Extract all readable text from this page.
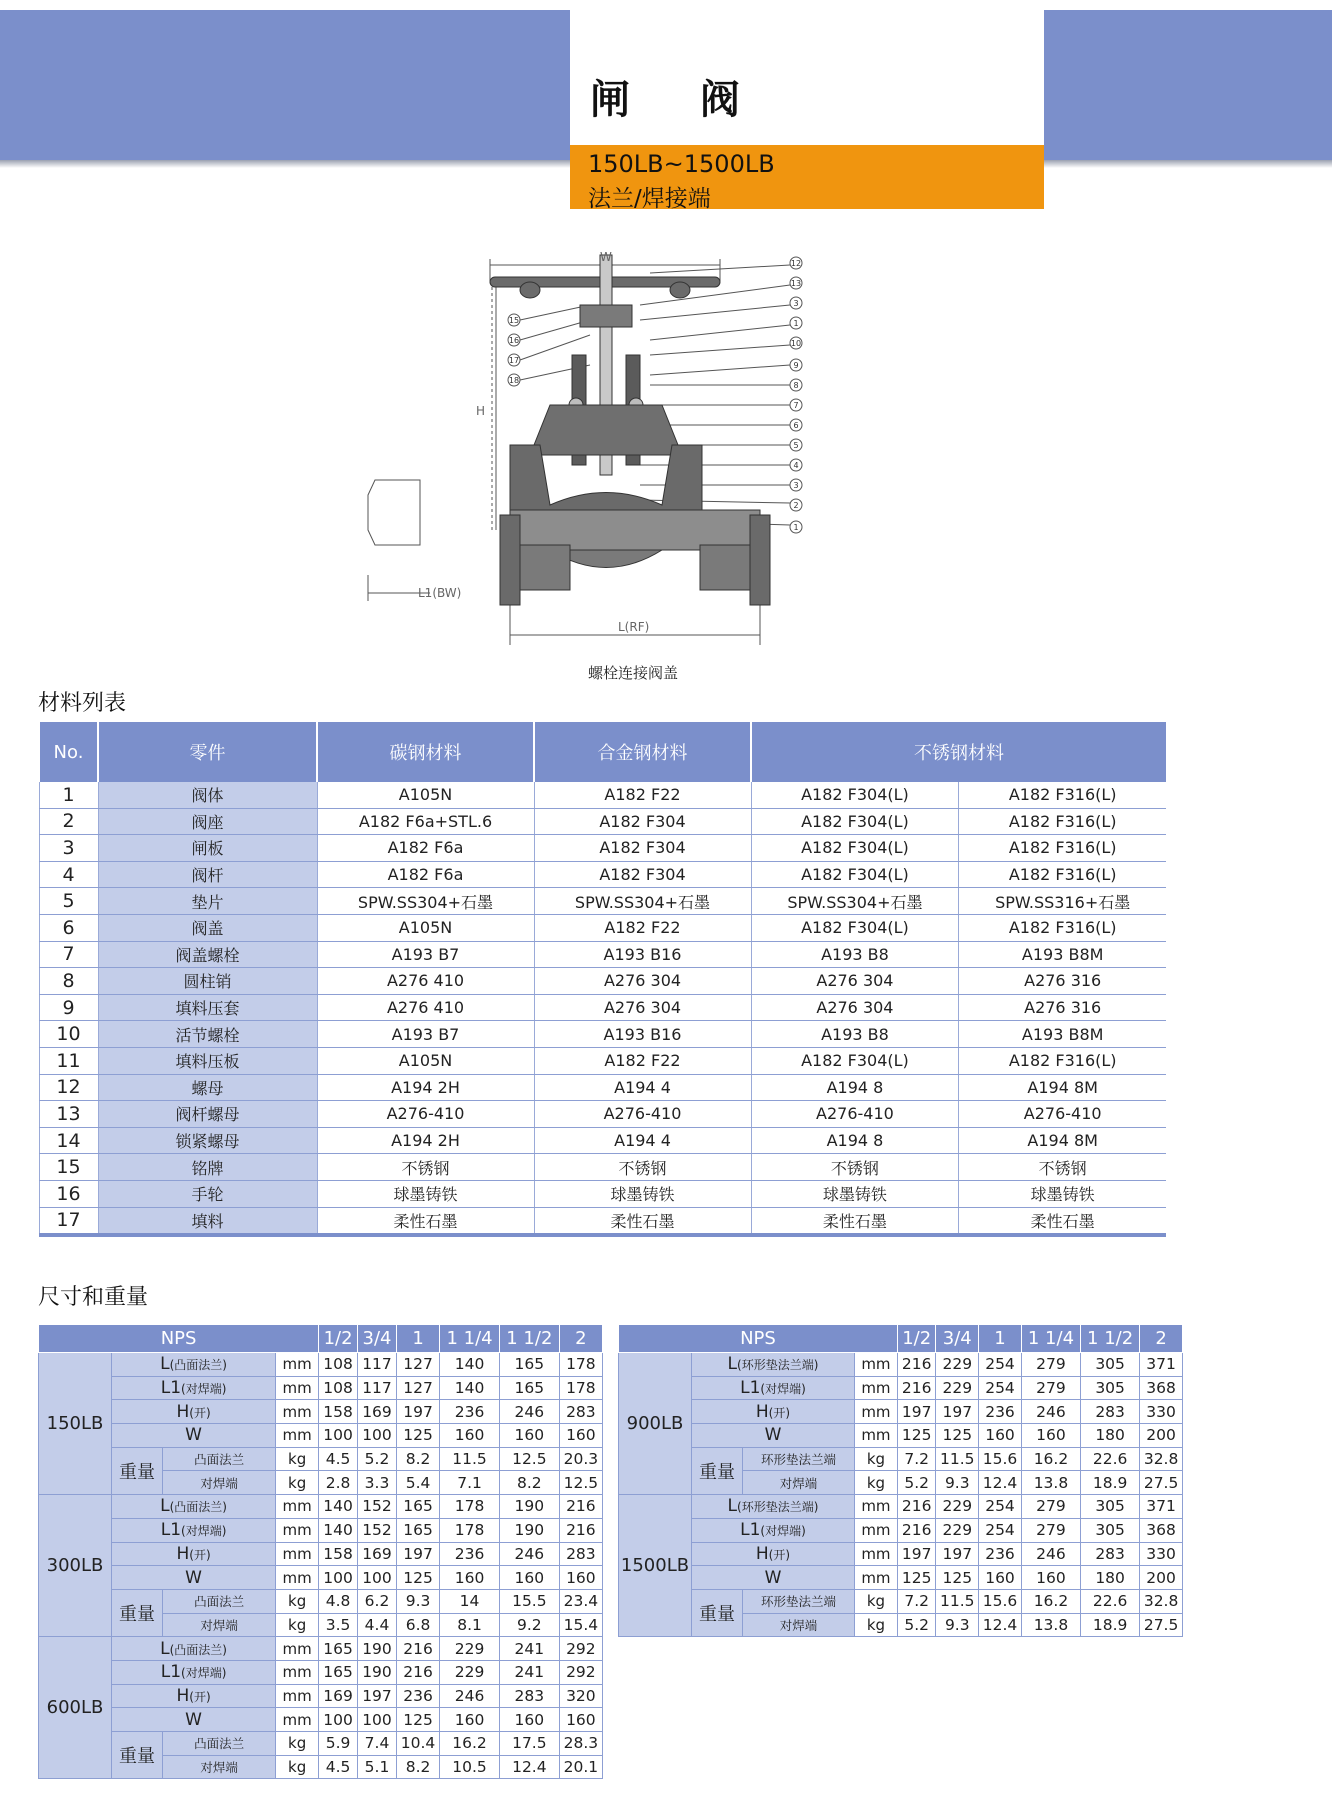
闸 阀
150LB~1500LB
法兰/焊接端
12
13
3
1
10
9
8
7
6
5
4
3
2
1
15
16
17
18
W
H
L(RF)
L1(BW)
螺栓连接阀盖
材料列表
No.	零件	碳钢材料	合金钢材料	不锈钢材料	
1	阀体	A105N	A182 F22	A182 F304(L)	A182 F316(L)
2	阀座	A182 F6a+STL.6	A182 F304	A182 F304(L)	A182 F316(L)
3	闸板	A182 F6a	A182 F304	A182 F304(L)	A182 F316(L)
4	阀杆	A182 F6a	A182 F304	A182 F304(L)	A182 F316(L)
5	垫片	SPW.SS304+石墨	SPW.SS304+石墨	SPW.SS304+石墨	SPW.SS316+石墨
6	阀盖	A105N	A182 F22	A182 F304(L)	A182 F316(L)
7	阀盖螺栓	A193 B7	A193 B16	A193 B8	A193 B8M
8	圆柱销	A276 410	A276 304	A276 304	A276 316
9	填料压套	A276 410	A276 304	A276 304	A276 316
10	活节螺栓	A193 B7	A193 B16	A193 B8	A193 B8M
11	填料压板	A105N	A182 F22	A182 F304(L)	A182 F316(L)
12	螺母	A194 2H	A194 4	A194 8	A194 8M
13	阀杆螺母	A276-410	A276-410	A276-410	A276-410
14	锁紧螺母	A194 2H	A194 4	A194 8	A194 8M
15	铭牌	不锈钢	不锈钢	不锈钢	不锈钢
16	手轮	球墨铸铁	球墨铸铁	球墨铸铁	球墨铸铁
17	填料	柔性石墨	柔性石墨	柔性石墨	柔性石墨
尺寸和重量
NPS				1/2	3/4	1	1 1/4	1 1/2	2
150LB	L(凸面法兰)		mm	108	117	127	140	165	178
	L1(对焊端)		mm	108	117	127	140	165	178
	H(开)		mm	158	169	197	236	246	283
	W		mm	100	100	125	160	160	160
	重量	凸面法兰	kg	4.5	5.2	8.2	11.5	12.5	20.3
		对焊端	kg	2.8	3.3	5.4	7.1	8.2	12.5
300LB	L(凸面法兰)		mm	140	152	165	178	190	216
	L1(对焊端)		mm	140	152	165	178	190	216
	H(开)		mm	158	169	197	236	246	283
	W		mm	100	100	125	160	160	160
	重量	凸面法兰	kg	4.8	6.2	9.3	14	15.5	23.4
		对焊端	kg	3.5	4.4	6.8	8.1	9.2	15.4
600LB	L(凸面法兰)		mm	165	190	216	229	241	292
	L1(对焊端)		mm	165	190	216	229	241	292
	H(开)		mm	169	197	236	246	283	320
	W		mm	100	100	125	160	160	160
	重量	凸面法兰	kg	5.9	7.4	10.4	16.2	17.5	28.3
		对焊端	kg	4.5	5.1	8.2	10.5	12.4	20.1
NPS				1/2	3/4	1	1 1/4	1 1/2	2
900LB	L(环形垫法兰端)		mm	216	229	254	279	305	371
	L1(对焊端)		mm	216	229	254	279	305	368
	H(开)		mm	197	197	236	246	283	330
	W		mm	125	125	160	160	180	200
	重量	环形垫法兰端	kg	7.2	11.5	15.6	16.2	22.6	32.8
		对焊端	kg	5.2	9.3	12.4	13.8	18.9	27.5
1500LB	L(环形垫法兰端)		mm	216	229	254	279	305	371
	L1(对焊端)		mm	216	229	254	279	305	368
	H(开)		mm	197	197	236	246	283	330
	W		mm	125	125	160	160	180	200
	重量	环形垫法兰端	kg	7.2	11.5	15.6	16.2	22.6	32.8
		对焊端	kg	5.2	9.3	12.4	13.8	18.9	27.5
